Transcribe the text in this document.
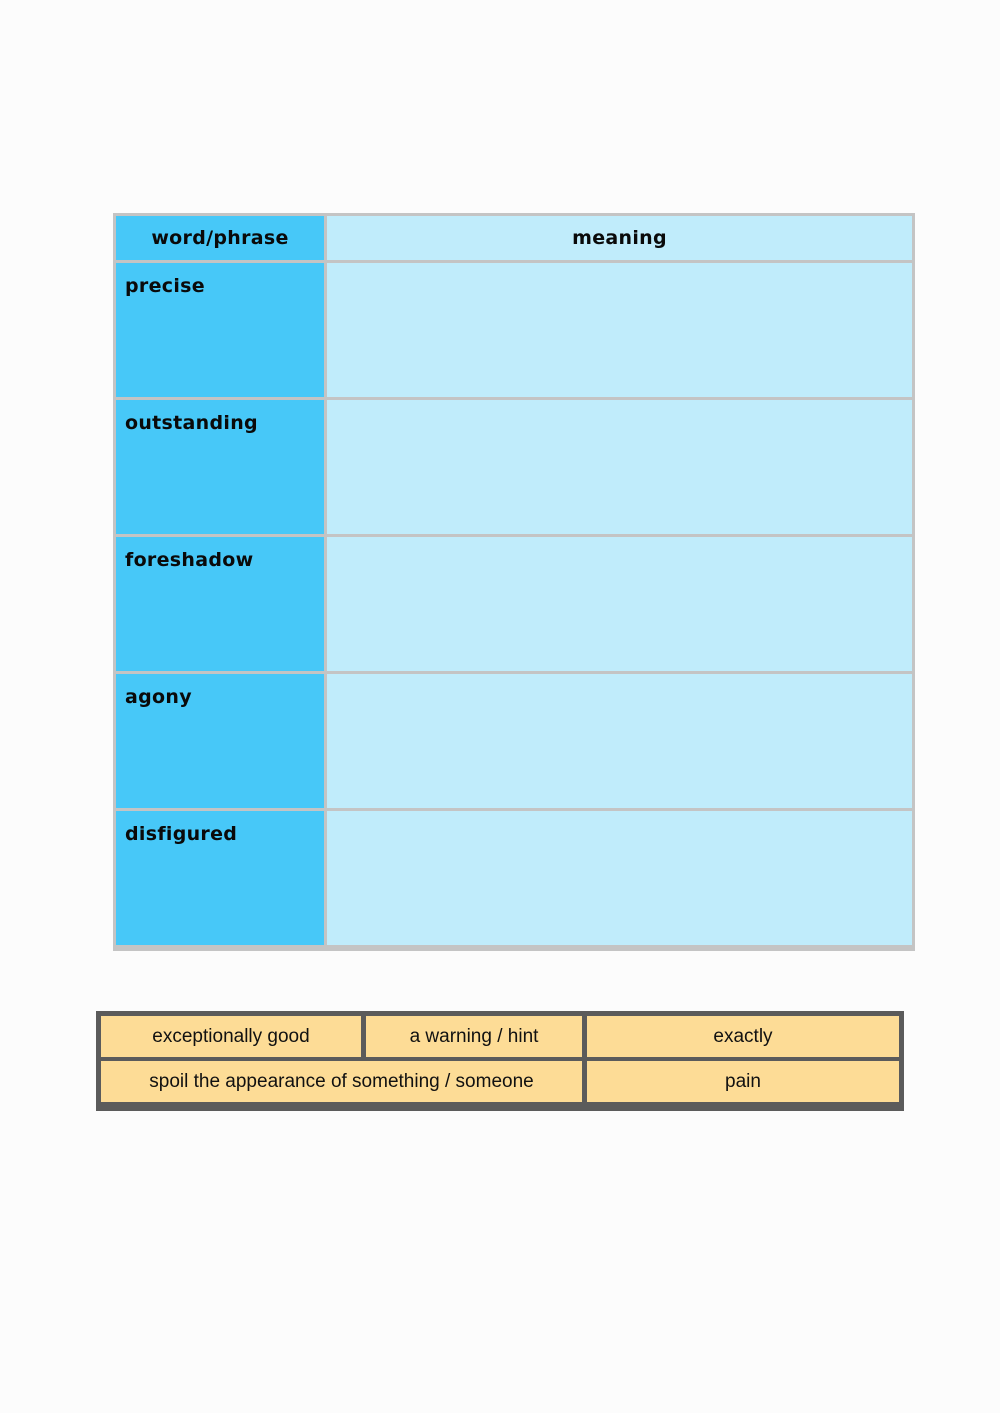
word/phrase	meaning
precise
outstanding
foreshadow
agony
disfigured
exceptionally good	a warning / hint	exactly
spoil the appearance of something / someone	pain
